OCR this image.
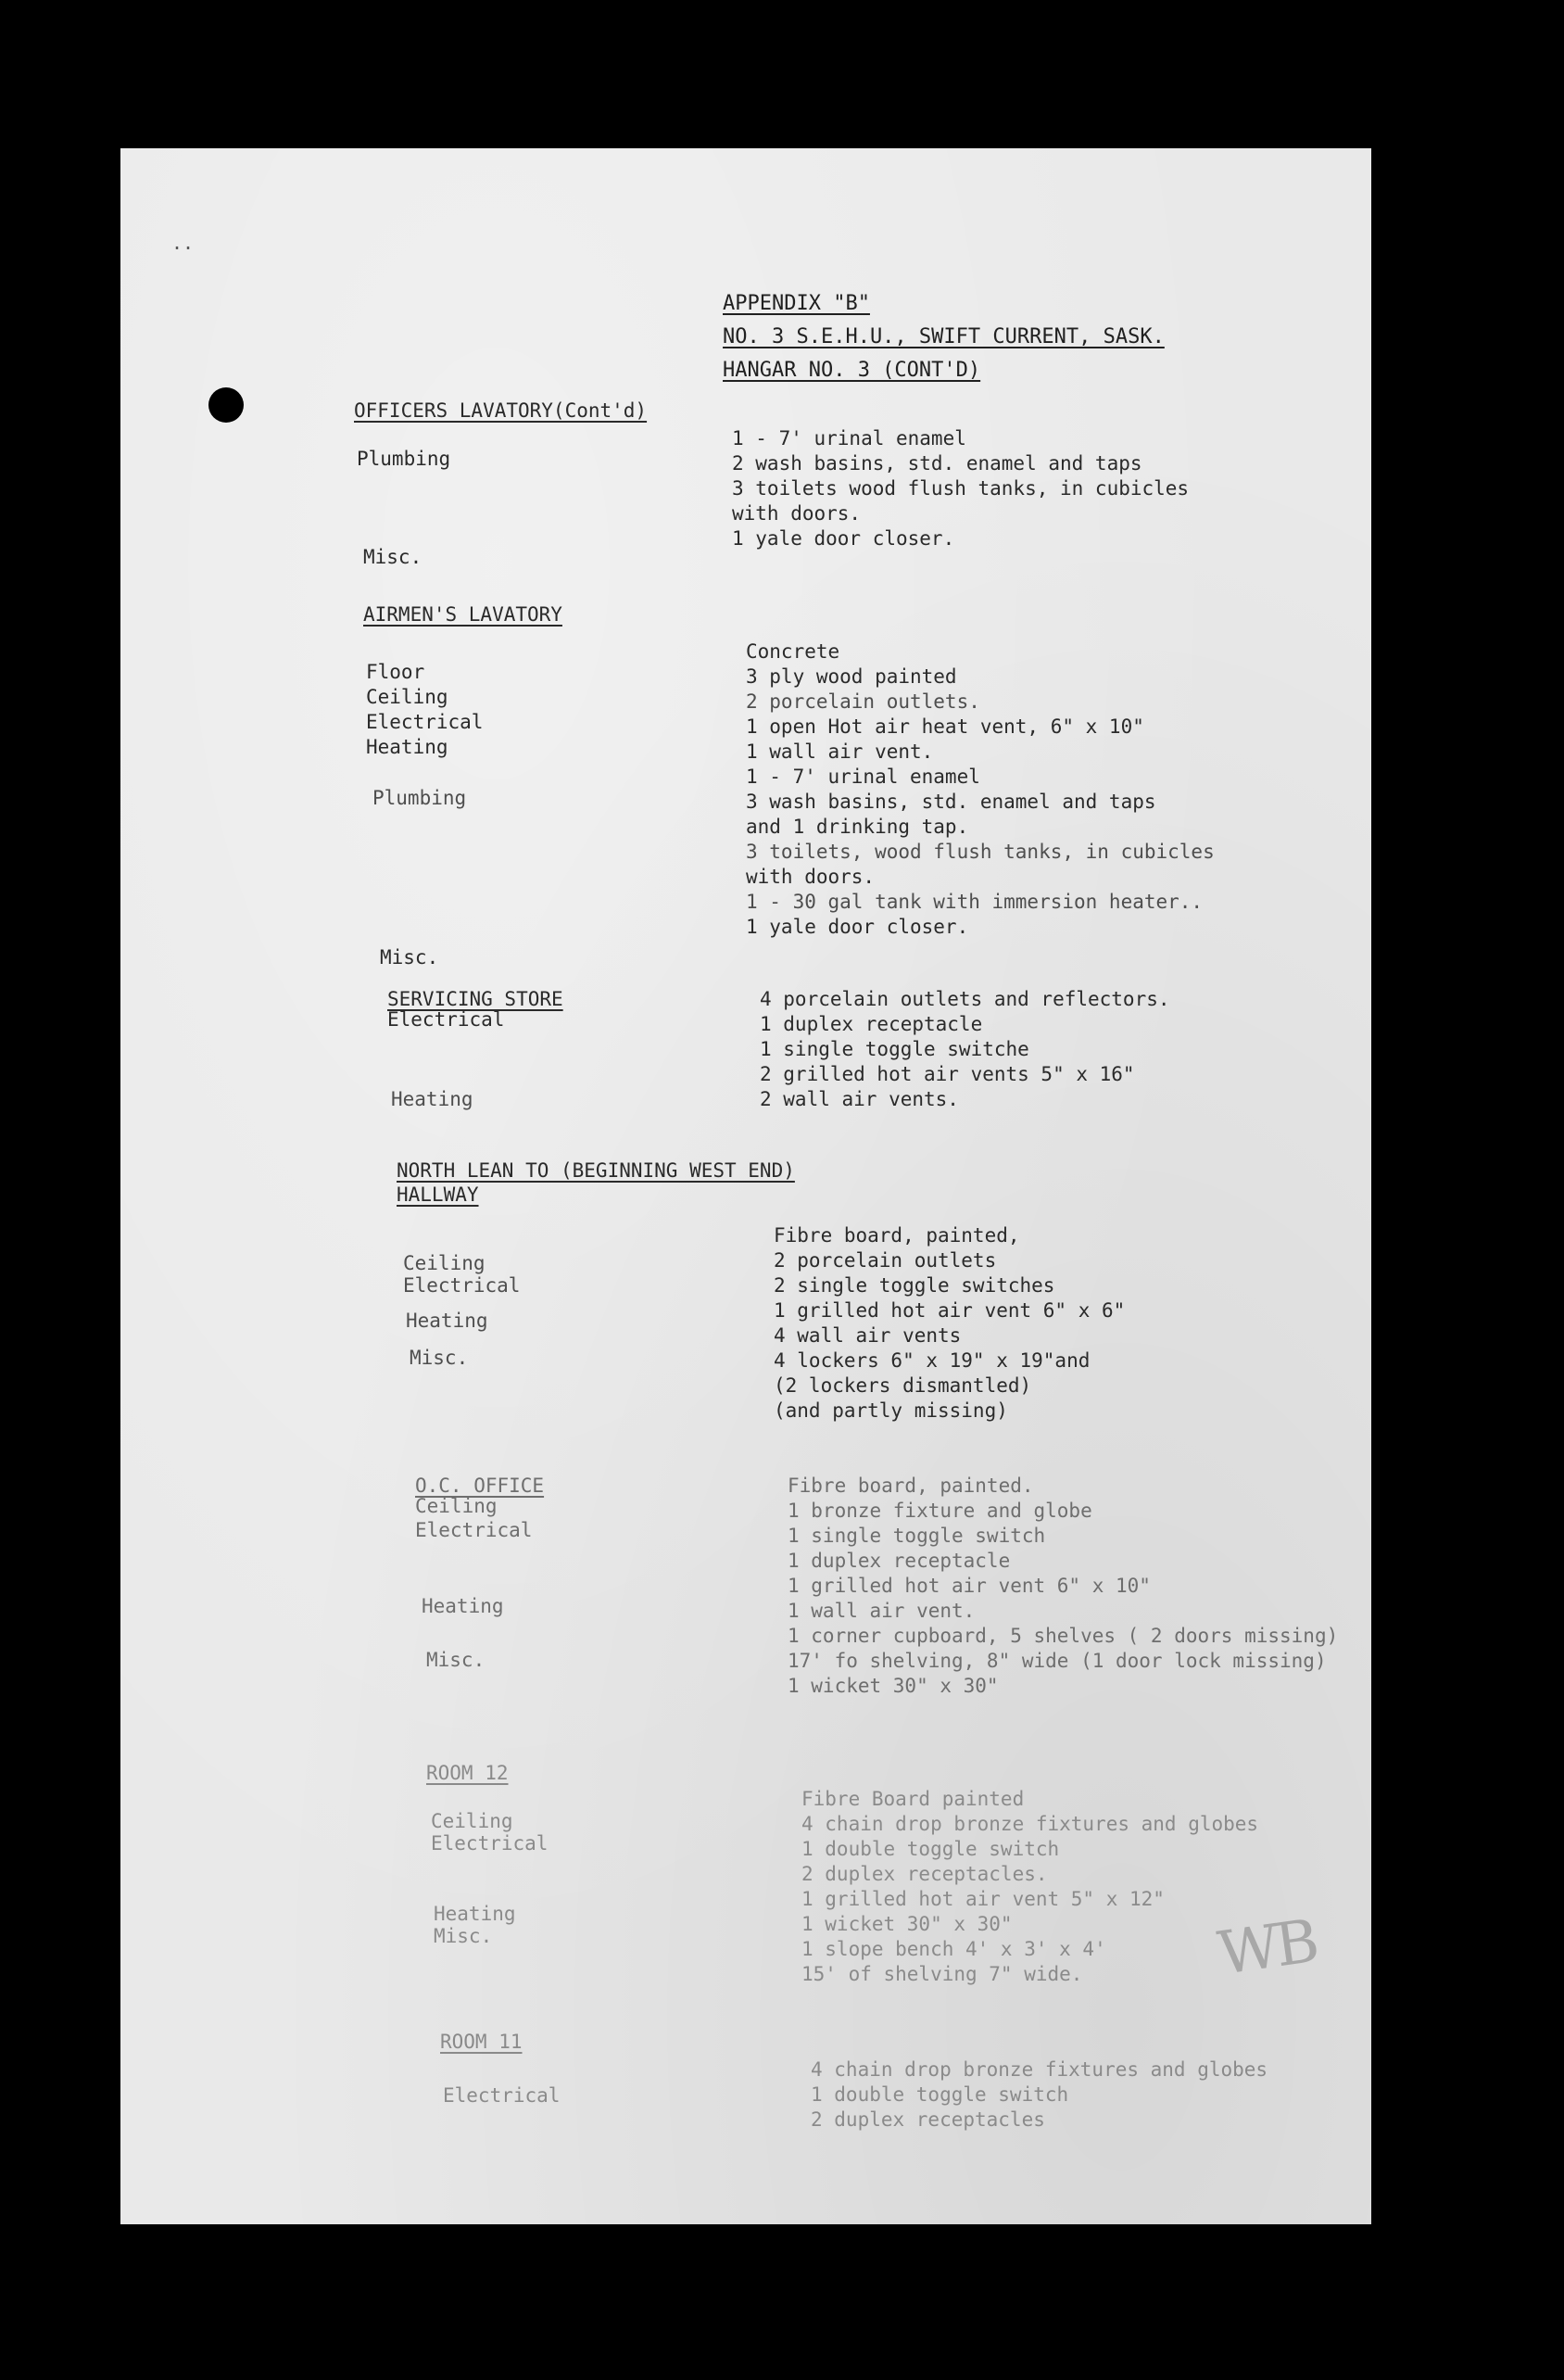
..
APPENDIX "B"
NO. 3 S.E.H.U., SWIFT CURRENT, SASK.
HANGAR NO. 3 (CONT'D)
OFFICERS LAVATORY(Cont'd)
Plumbing
Misc.
1 - 7' urinal enamel
2 wash basins, std. enamel and taps
3 toilets wood flush tanks, in cubicles
with doors.
1 yale door closer.
AIRMEN'S LAVATORY
Floor
Ceiling
Electrical
Heating
Plumbing
Misc.
Concrete
3 ply wood painted
2 porcelain outlets.
1 open Hot air heat vent, 6" x 10"
1 wall air vent.
1 - 7' urinal enamel
3 wash basins, std. enamel and taps
and 1 drinking tap.
3 toilets, wood flush tanks, in cubicles
with doors.
1 - 30 gal tank with immersion heater..
1 yale door closer.
SERVICING STORE
Electrical
Heating
4 porcelain outlets and reflectors.
1 duplex receptacle
1 single toggle switche
2 grilled hot air vents 5" x 16"
2 wall air vents.
NORTH LEAN TO (BEGINNING WEST END)
HALLWAY
Ceiling
Electrical
Heating
Misc.
Fibre board, painted,
2 porcelain outlets
2 single toggle switches
1 grilled hot air vent 6" x 6"
4 wall air vents
4 lockers 6" x 19" x 19"and
(2 lockers dismantled)
(and partly missing)
O.C. OFFICE
Ceiling
Electrical
Heating
Misc.
Fibre board, painted.
1 bronze fixture and globe
1 single toggle switch
1 duplex receptacle
1 grilled hot air vent 6" x 10"
1 wall air vent.
1 corner cupboard, 5 shelves ( 2 doors missing)
17' fo shelving, 8" wide (1 door lock missing)
1 wicket 30" x 30"
ROOM 12
Ceiling
Electrical
Heating
Misc.
Fibre Board painted
4 chain drop bronze fixtures and globes
1 double toggle switch
2 duplex receptacles.
1 grilled hot air vent 5" x 12"
1 wicket 30" x 30"
1 slope bench 4' x 3' x 4'
15' of shelving 7" wide.
ROOM 11
Electrical
4 chain drop bronze fixtures and globes
1 double toggle switch
2 duplex receptacles
WB
